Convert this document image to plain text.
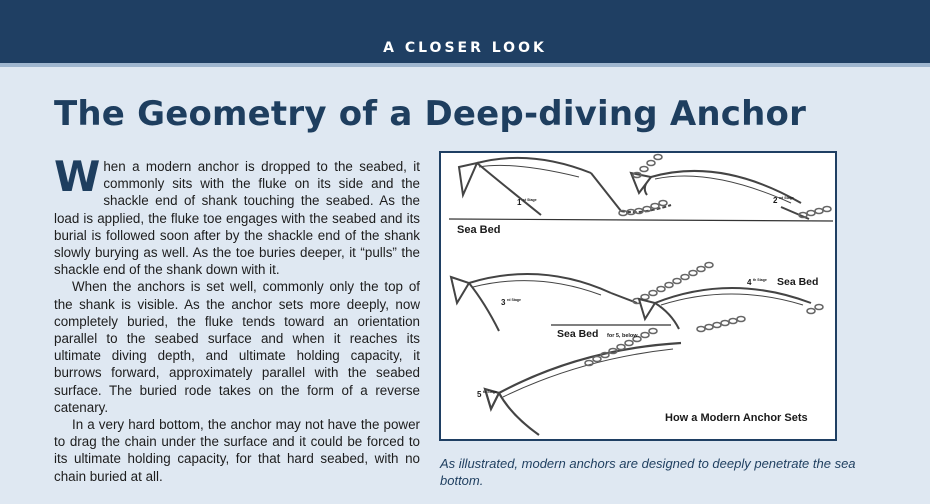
A CLOSER LOOK
The Geometry of a Deep-diving Anchor

When a modern anchor is dropped to the seabed, it commonly sits with the fluke on its side and the shackle end of shank touching the seabed. As the load is applied, the fluke toe engages with the seabed and its burial is followed soon after by the shackle end of the shank slowly burying as well. As the toe buries deeper, it “pulls” the shackle end of the shank down with it.

When the anchors is set well, commonly only the top of the shank is visible. As the anchor sets more deeply, now completely buried, the fluke tends toward an orientation parallel to the seabed surface and when it reaches its ultimate diving depth, and ultimate holding capacity, it burrows forward, approximately parallel with the seabed surface. The buried rode takes on the form of a reverse catenary.

In a very hard bottom, the anchor may not have the power to drag the chain under the surface and it could be forced to its ultimate holding capacity, for that hard seabed, with no chain buried at all.

Sea Bed
1 st Stage	2 nd Stage
3 rd Stage
4 th Stage Sea Bed
Sea Bed for 5, below.
5 th Stage
How a Modern Anchor Sets
As illustrated, modern anchors are designed to deeply penetrate the sea bottom.
